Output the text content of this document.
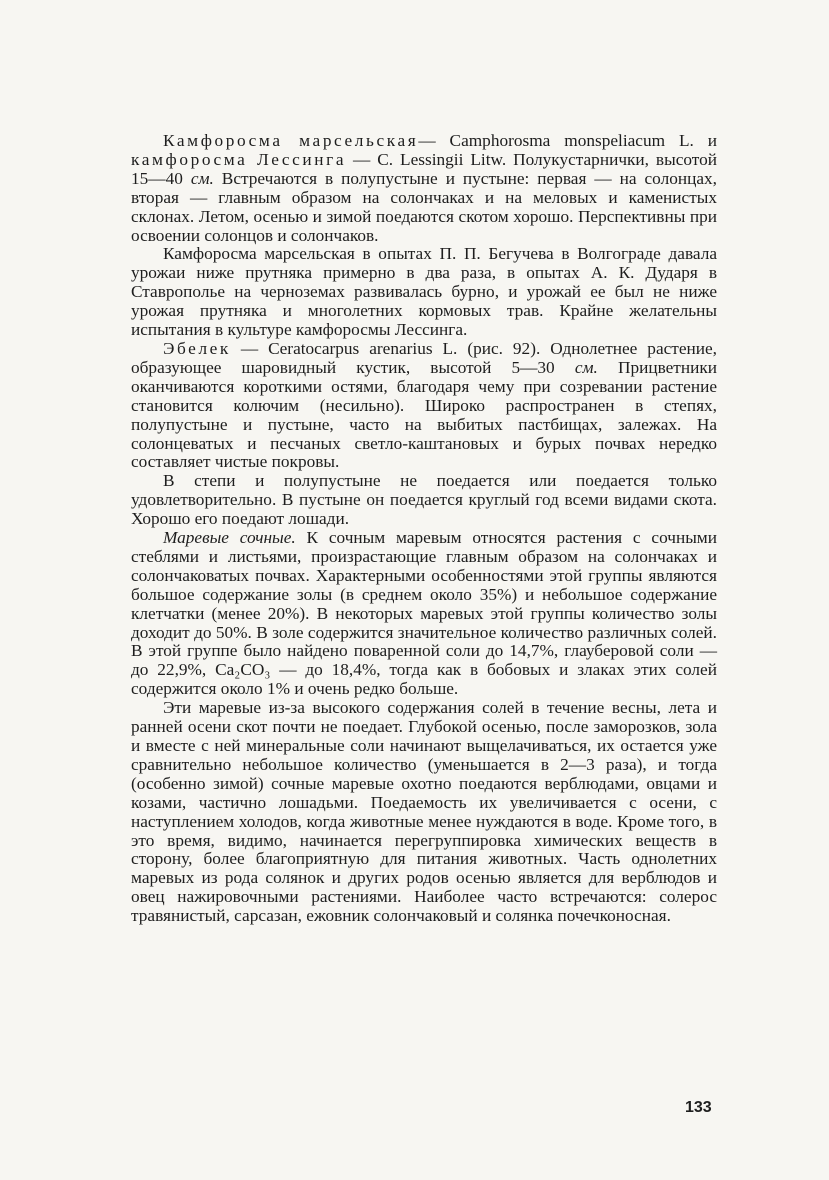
Камфоросма марсельская— Camphorosma monspeliacum L. и камфоросма Лессинга — C. Lessingii Litw. Полукустарнички, высотой 15—40 см. Встречаются в полупустыне и пустыне: первая — на солонцах, вторая — главным образом на солончаках и на меловых и каменистых склонах. Летом, осенью и зимой поедаются скотом хорошо. Перспективны при освоении солонцов и солончаков.

Камфоросма марсельская в опытах П. П. Бегучева в Волгограде давала урожаи ниже прутняка примерно в два раза, в опытах А. К. Дударя в Ставрополье на черноземах развивалась бурно, и урожай ее был не ниже урожая прутняка и многолетних кормовых трав. Крайне желательны испытания в культуре камфоросмы Лессинга.

Эбелек — Ceratocarpus arenarius L. (рис. 92). Однолетнее растение, образующее шаровидный кустик, высотой 5—30 см. Прицветники оканчиваются короткими остями, благодаря чему при созревании растение становится колючим (несильно). Широко распространен в степях, полупустыне и пустыне, часто на выбитых пастбищах, залежах. На солонцеватых и песчаных светло-каштановых и бурых почвах нередко составляет чистые покровы.

В степи и полупустыне не поедается или поедается только удовлетворительно. В пустыне он поедается круглый год всеми видами скота. Хорошо его поедают лошади.

Маревые сочные. К сочным маревым относятся растения с сочными стеблями и листьями, произрастающие главным образом на солончаках и солончаковатых почвах. Характерными особенностями этой группы являются большое содержание золы (в среднем около 35%) и небольшое содержание клетчатки (менее 20%). В некоторых маревых этой группы количество золы доходит до 50%. В золе содержится значительное количество различных солей. В этой группе было найдено поваренной соли до 14,7%, глауберовой соли — до 22,9%, Ca₂CO₃ — до 18,4%, тогда как в бобовых и злаках этих солей содержится около 1% и очень редко больше.

Эти маревые из-за высокого содержания солей в течение весны, лета и ранней осени скот почти не поедает. Глубокой осенью, после заморозков, зола и вместе с ней минеральные соли начинают выщелачиваться, их остается уже сравнительно небольшое количество (уменьшается в 2—3 раза), и тогда (особенно зимой) сочные маревые охотно поедаются верблюдами, овцами и козами, частично лошадьми. Поедаемость их увеличивается с осени, с наступлением холодов, когда животные менее нуждаются в воде. Кроме того, в это время, видимо, начинается перегруппировка химических веществ в сторону, более благоприятную для питания животных. Часть однолетних маревых из рода солянок и других родов осенью является для верблюдов и овец нажировочными растениями. Наиболее часто встречаются: солерос травянистый, сарсазан, ежовник солончаковый и солянка почечконосная.

133
